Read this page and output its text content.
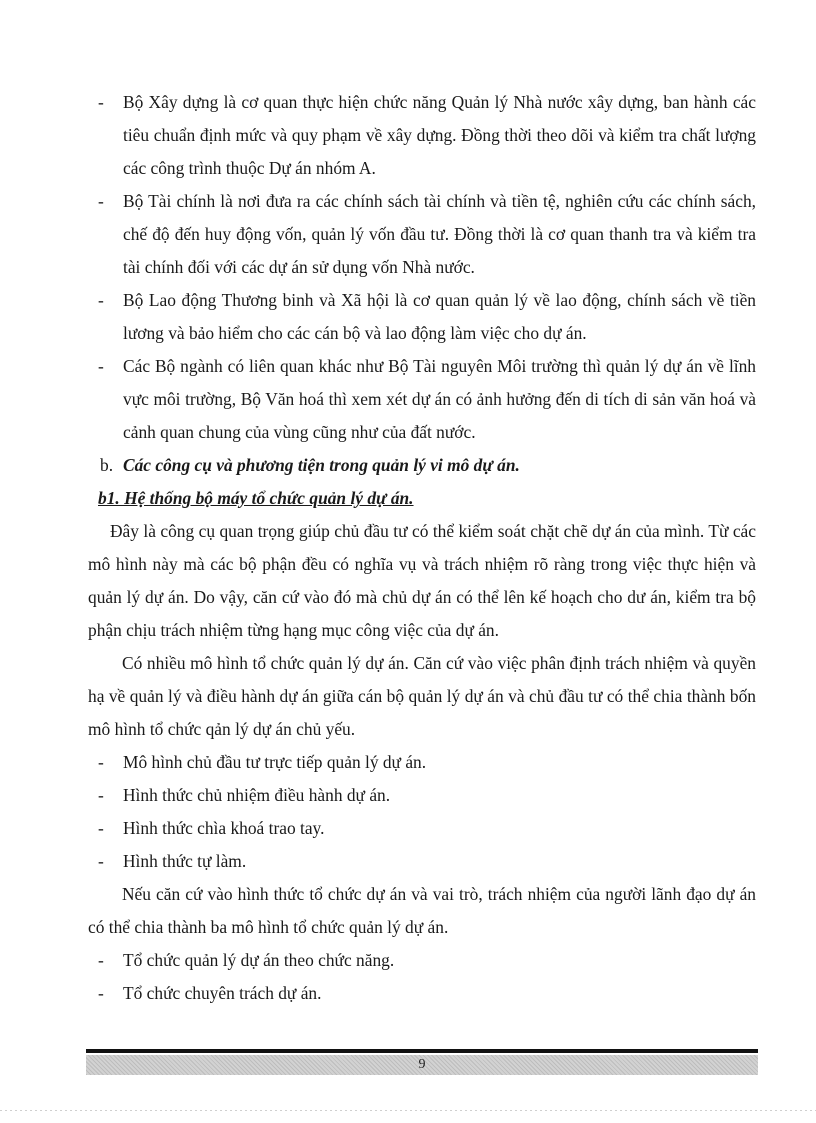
- Bộ Xây dựng là cơ quan thực hiện chức năng Quản lý Nhà nước xây dựng, ban hành các tiêu chuẩn định mức và quy phạm về xây dựng. Đồng thời theo dõi và kiểm tra chất lượng các công trình thuộc Dự án nhóm A.
- Bộ Tài chính là nơi đưa ra các chính sách tài chính và tiền tệ, nghiên cứu các chính sách, chế độ đến huy động vốn, quản lý vốn đầu tư. Đồng thời là cơ quan thanh tra và kiểm tra tài chính đối với các dự án sử dụng vốn Nhà nước.
- Bộ Lao động Thương binh và Xã hội là cơ quan quản lý về lao động, chính sách về tiền lương và bảo hiểm cho các cán bộ và lao động làm việc cho dự án.
- Các Bộ ngành có liên quan khác như Bộ Tài nguyên Môi trường thì quản lý dự án về lĩnh vực môi trường, Bộ Văn hoá thì xem xét dự án có ảnh hưởng đến di tích di sản văn hoá và cảnh quan chung của vùng cũng như của đất nước.
b. Các công cụ và phương tiện trong quản lý vi mô dự án.
b1. Hệ thống bộ máy tổ chức quản lý dự án.
Đây là công cụ quan trọng giúp chủ đầu tư có thể kiểm soát chặt chẽ dự án của mình. Từ các mô hình này mà các bộ phận đều có nghĩa vụ và trách nhiệm rõ ràng trong việc thực hiện và quản lý dự án. Do vậy, căn cứ vào đó mà chủ dự án có thể lên kế hoạch cho dư án, kiểm tra bộ phận chịu trách nhiệm từng hạng mục công việc của dự án.
Có nhiều mô hình tổ chức quản lý dự án. Căn cứ vào việc phân định trách nhiệm và quyền hạ về quản lý và điều hành dự án giữa cán bộ quản lý dự án và chủ đầu tư có thể chia thành bốn mô hình tổ chức qản lý dự án chủ yếu.
- Mô hình chủ đầu tư trực tiếp quản lý dự án.
- Hình thức chủ nhiệm điều hành dự án.
- Hình thức chìa khoá trao tay.
- Hình thức tự làm.
Nếu căn cứ vào hình thức tổ chức dự án và vai trò, trách nhiệm của người lãnh đạo dự án có thể chia thành ba mô hình tổ chức quản lý dự án.
- Tổ chức quản lý dự án theo chức năng.
- Tổ chức chuyên trách dự án.
9
